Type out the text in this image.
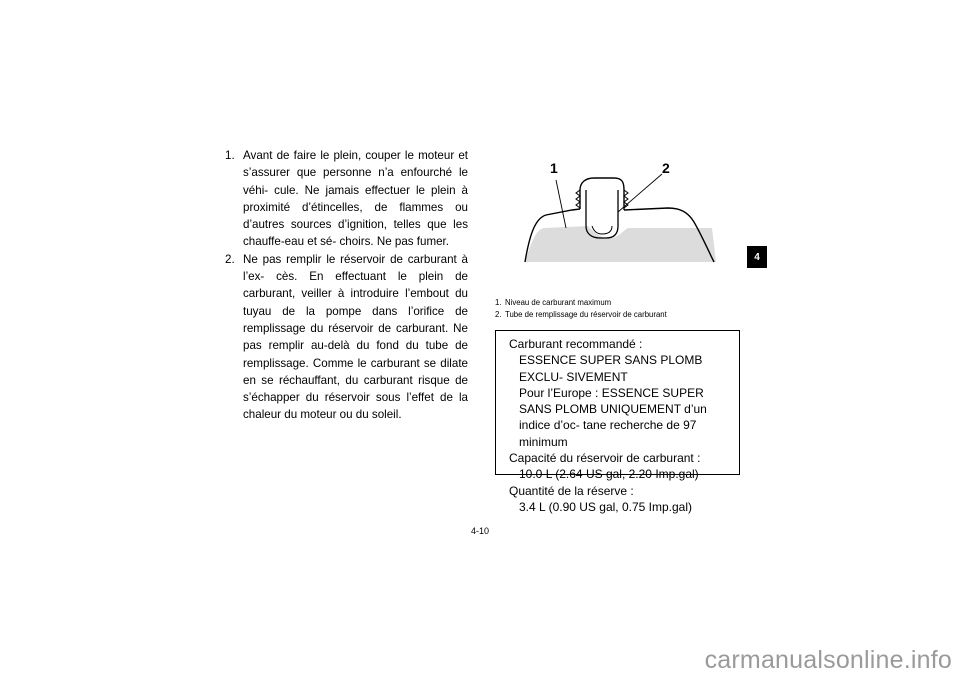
1. Avant de faire le plein, couper le moteur et s’assurer que personne n’a enfourché le véhi- cule. Ne jamais effectuer le plein à proximité d’étincelles, de flammes ou d’autres sources d’ignition, telles que les chauffe-eau et sé- choirs. Ne pas fumer.
2. Ne pas remplir le réservoir de carburant à l’ex- cès. En effectuant le plein de carburant, veiller à introduire l’embout du tuyau de la pompe dans l’orifice de remplissage du réservoir de carburant. Ne pas remplir au-delà du fond du tube de remplissage. Comme le carburant se dilate en se réchauffant, du carburant risque de s’échapper du réservoir sous l’effet de la chaleur du moteur ou du soleil.
1	2
1. Niveau de carburant maximum
2. Tube de remplissage du réservoir de carburant
Carburant recommandé :
ESSENCE SUPER SANS PLOMB EXCLU- SIVEMENT
Pour l’Europe : ESSENCE SUPER SANS PLOMB UNIQUEMENT d’un indice d’oc- tane recherche de 97 minimum
Capacité du réservoir de carburant :
10.0 L (2.64 US gal, 2.20 Imp.gal)
Quantité de la réserve :
3.4 L (0.90 US gal, 0.75 Imp.gal)
4
4-10
carmanualsonline.info
